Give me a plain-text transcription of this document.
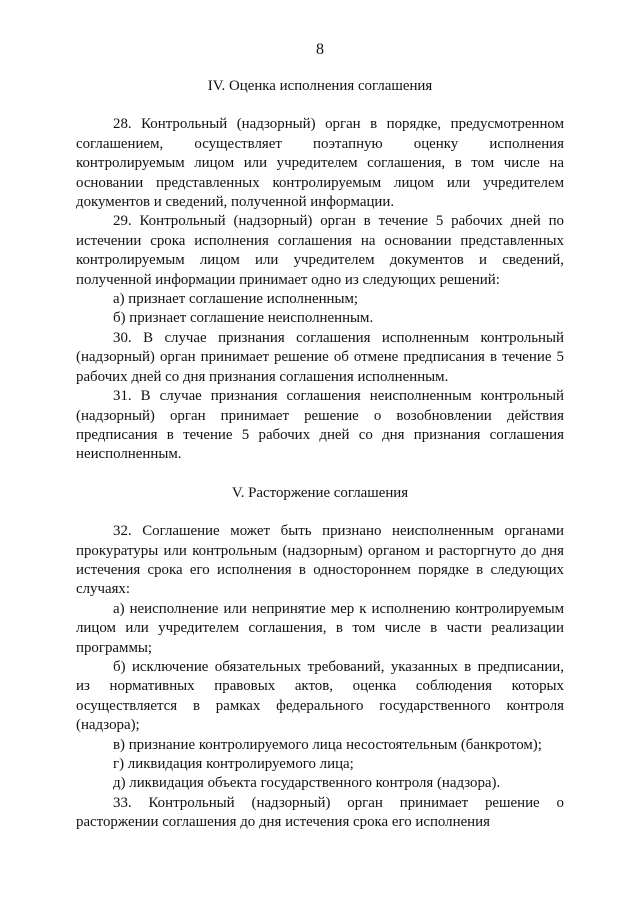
8
IV. Оценка исполнения соглашения

28. Контрольный (надзорный) орган в порядке, предусмотренном соглашением, осуществляет поэтапную оценку исполнения контролируемым лицом или учредителем соглашения, в том числе на основании представленных контролируемым лицом или учредителем документов и сведений, полученной информации.

29. Контрольный (надзорный) орган в течение 5 рабочих дней по истечении срока исполнения соглашения на основании представленных контролируемым лицом или учредителем документов и сведений, полученной информации принимает одно из следующих решений:

а) признает соглашение исполненным;

б) признает соглашение неисполненным.

30. В случае признания соглашения исполненным контрольный (надзорный) орган принимает решение об отмене предписания в течение 5 рабочих дней со дня признания соглашения исполненным.

31. В случае признания соглашения неисполненным контрольный (надзорный) орган принимает решение о возобновлении действия предписания в течение 5 рабочих дней со дня признания соглашения неисполненным.

V. Расторжение соглашения

32. Соглашение может быть признано неисполненным органами прокуратуры или контрольным (надзорным) органом и расторгнуто до дня истечения срока его исполнения в одностороннем порядке в следующих случаях:

а) неисполнение или непринятие мер к исполнению контролируемым лицом или учредителем соглашения, в том числе в части реализации программы;

б) исключение обязательных требований, указанных в предписании, из нормативных правовых актов, оценка соблюдения которых осуществляется в рамках федерального государственного контроля (надзора);

в) признание контролируемого лица несостоятельным (банкротом);

г) ликвидация контролируемого лица;

д) ликвидация объекта государственного контроля (надзора).

33. Контрольный (надзорный) орган принимает решение о расторжении соглашения до дня истечения срока его исполнения
